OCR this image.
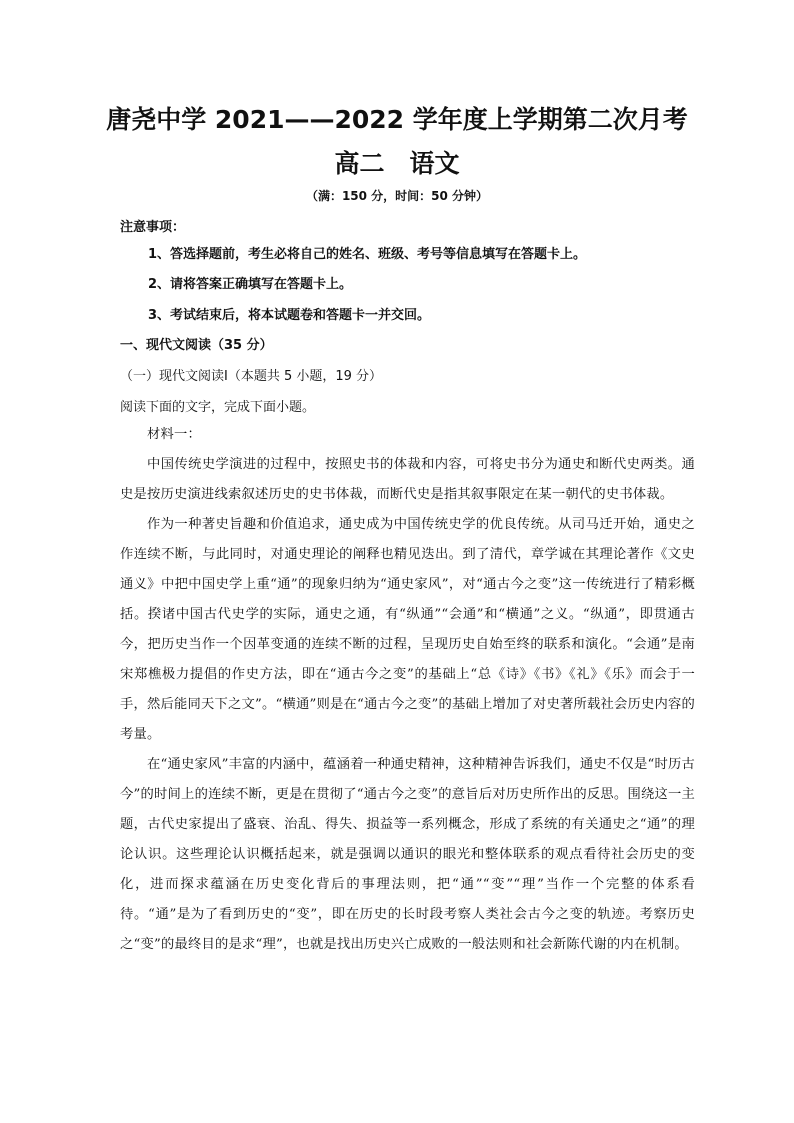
唐尧中学 2021——2022 学年度上学期第二次月考
高二　语文
（满：150 分，时间：50 分钟）
注意事项：
1、答选择题前，考生必将自己的姓名、班级、考号等信息填写在答题卡上。
2、请将答案正确填写在答题卡上。
3、考试结束后，将本试题卷和答题卡一并交回。
一、现代文阅读（35 分）
（一）现代文阅读Ⅰ（本题共 5 小题，19 分）
阅读下面的文字，完成下面小题。

材料一：

中国传统史学演进的过程中，按照史书的体裁和内容，可将史书分为通史和断代史两类。通史是按历史演进线索叙述历史的史书体裁，而断代史是指其叙事限定在某一朝代的史书体裁。

作为一种著史旨趣和价值追求，通史成为中国传统史学的优良传统。从司马迁开始，通史之作连续不断，与此同时，对通史理论的阐释也精见迭出。到了清代，章学诚在其理论著作《文史通义》中把中国史学上重“通”的现象归纳为“通史家风”，对“通古今之变”这一传统进行了精彩概括。揆诸中国古代史学的实际，通史之通，有“纵通”“会通”和“横通”之义。“纵通”，即贯通古今，把历史当作一个因革变通的连续不断的过程，呈现历史自始至终的联系和演化。“会通”是南宋郑樵极力提倡的作史方法，即在“通古今之变”的基础上“总《诗》《书》《礼》《乐》而会于一手，然后能同天下之文”。“横通”则是在“通古今之变”的基础上增加了对史著所载社会历史内容的考量。

在“通史家风”丰富的内涵中，蕴涵着一种通史精神，这种精神告诉我们，通史不仅是“时历古今”的时间上的连续不断，更是在贯彻了“通古今之变”的意旨后对历史所作出的反思。围绕这一主题，古代史家提出了盛衰、治乱、得失、损益等一系列概念，形成了系统的有关通史之“通”的理论认识。这些理论认识概括起来，就是强调以通识的眼光和整体联系的观点看待社会历史的变化，进而探求蕴涵在历史变化背后的事理法则，把“通”“变”“理”当作一个完整的体系看待。“通”是为了看到历史的“变”，即在历史的长时段考察人类社会古今之变的轨迹。考察历史之“变”的最终目的是求“理”，也就是找出历史兴亡成败的一般法则和社会新陈代谢的内在机制。
